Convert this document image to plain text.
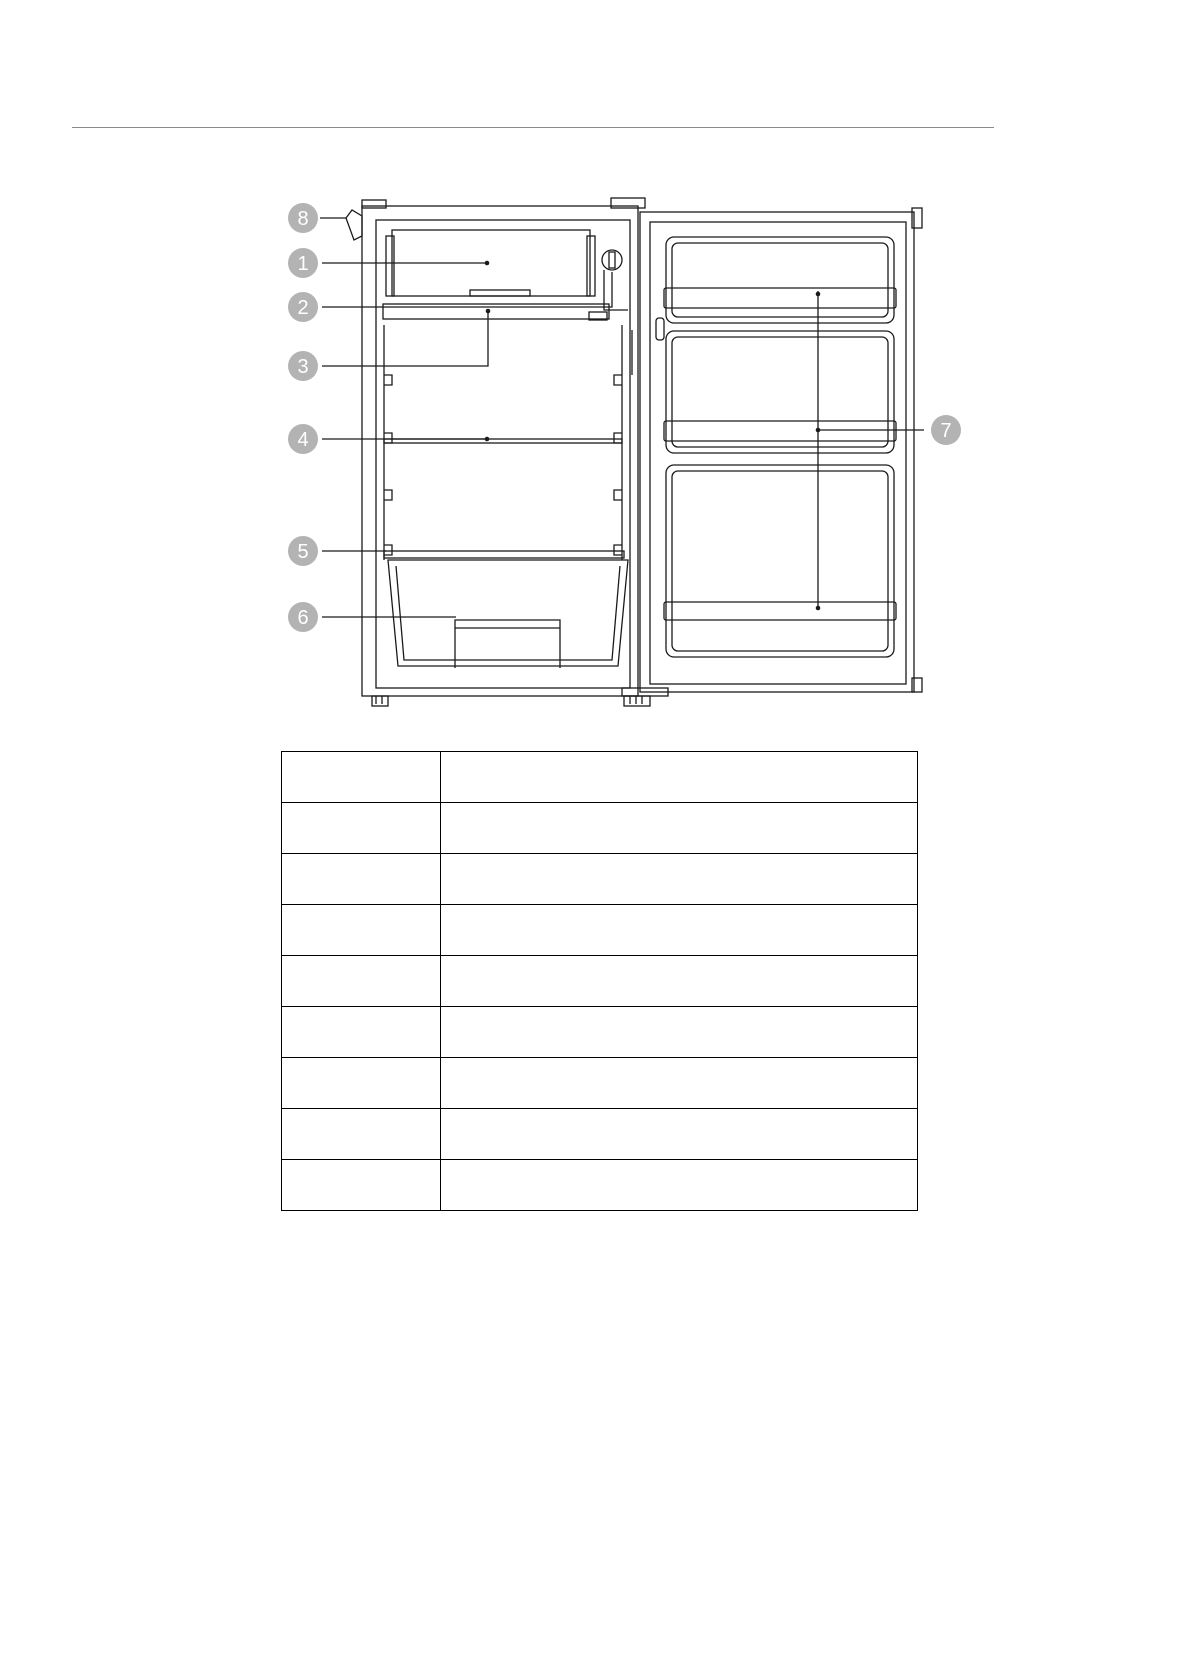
8
1
2
3
4
5
6
7
